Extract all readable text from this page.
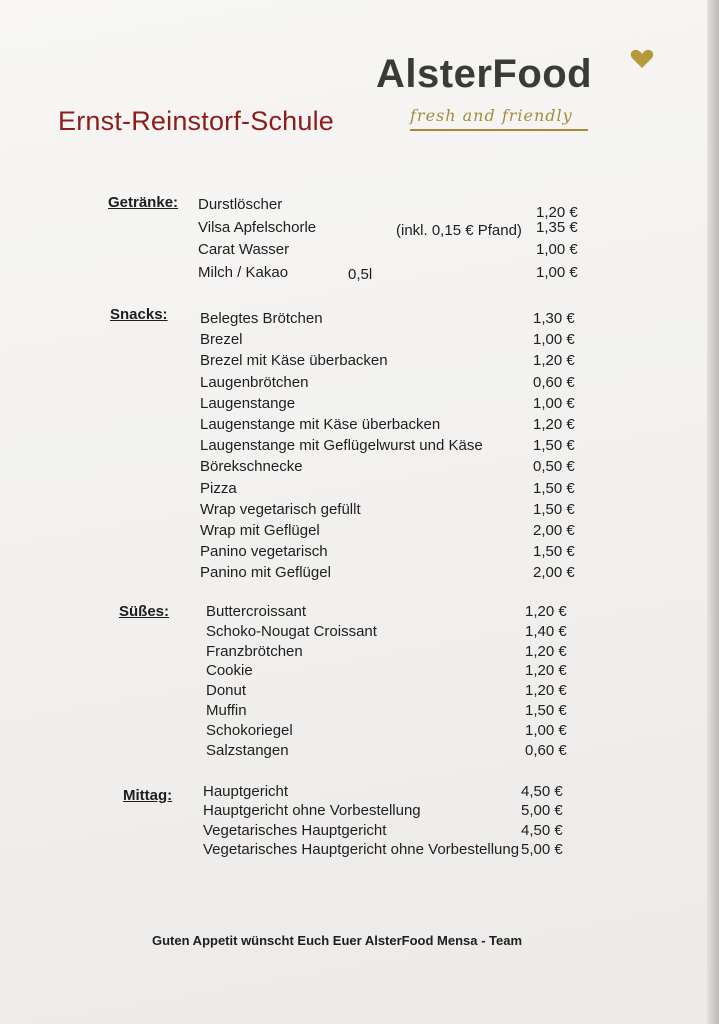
Ernst-Reinstorf-Schule
AlsterFood
fresh and friendly
Getränke: Durstlöscher	1,20 €
Vilsa Apfelschorle	(inkl. 0,15 € Pfand) 1,35 €
Carat Wasser	1,00 €
Milch / Kakao	0,5l	1,00 €
Snacks: Belegtes Brötchen	1,30 €
Brezel	1,00 €
Brezel mit Käse überbacken	1,20 €
Laugenbrötchen	0,60 €
Laugenstange	1,00 €
Laugenstange mit Käse überbacken	1,20 €
Laugenstange mit Geflügelwurst und Käse	1,50 €
Börekschnecke	0,50 €
Pizza	1,50 €
Wrap vegetarisch gefüllt	1,50 €
Wrap mit Geflügel	2,00 €
Panino vegetarisch	1,50 €
Panino mit Geflügel	2,00 €
Süßes: Buttercroissant	1,20 €
Schoko-Nougat Croissant	1,40 €
Franzbrötchen	1,20 €
Cookie	1,20 €
Donut	1,20 €
Muffin	1,50 €
Schokoriegel	1,00 €
Salzstangen	0,60 €
Mittag: Hauptgericht	4,50 €
Hauptgericht ohne Vorbestellung	5,00 €
Vegetarisches Hauptgericht	4,50 €
Vegetarisches Hauptgericht ohne Vorbestellung 5,00 €
Guten Appetit wünscht Euch Euer AlsterFood Mensa - Team
